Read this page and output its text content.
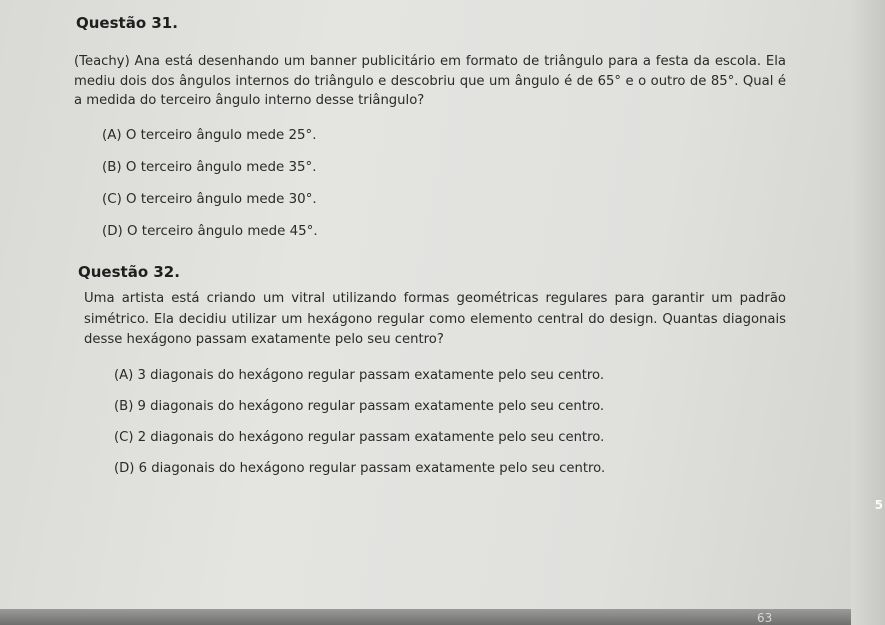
5
Questão 31.

(Teachy) Ana está desenhando um banner publicitário em formato de triângulo para a festa da escola. Ela mediu dois dos ângulos internos do triângulo e descobriu que um ângulo é de 65° e o outro de 85°. Qual é a medida do terceiro ângulo interno desse triângulo?

(A) O terceiro ângulo mede 25°.
(B) O terceiro ângulo mede 35°.
(C) O terceiro ângulo mede 30°.
(D) O terceiro ângulo mede 45°.
Questão 32.

Uma artista está criando um vitral utilizando formas geométricas regulares para garantir um padrão simétrico. Ela decidiu utilizar um hexágono regular como elemento central do design. Quantas diagonais desse hexágono passam exatamente pelo seu centro?

(A) 3 diagonais do hexágono regular passam exatamente pelo seu centro.
(B) 9 diagonais do hexágono regular passam exatamente pelo seu centro.
(C) 2 diagonais do hexágono regular passam exatamente pelo seu centro.
(D) 6 diagonais do hexágono regular passam exatamente pelo seu centro.
63
